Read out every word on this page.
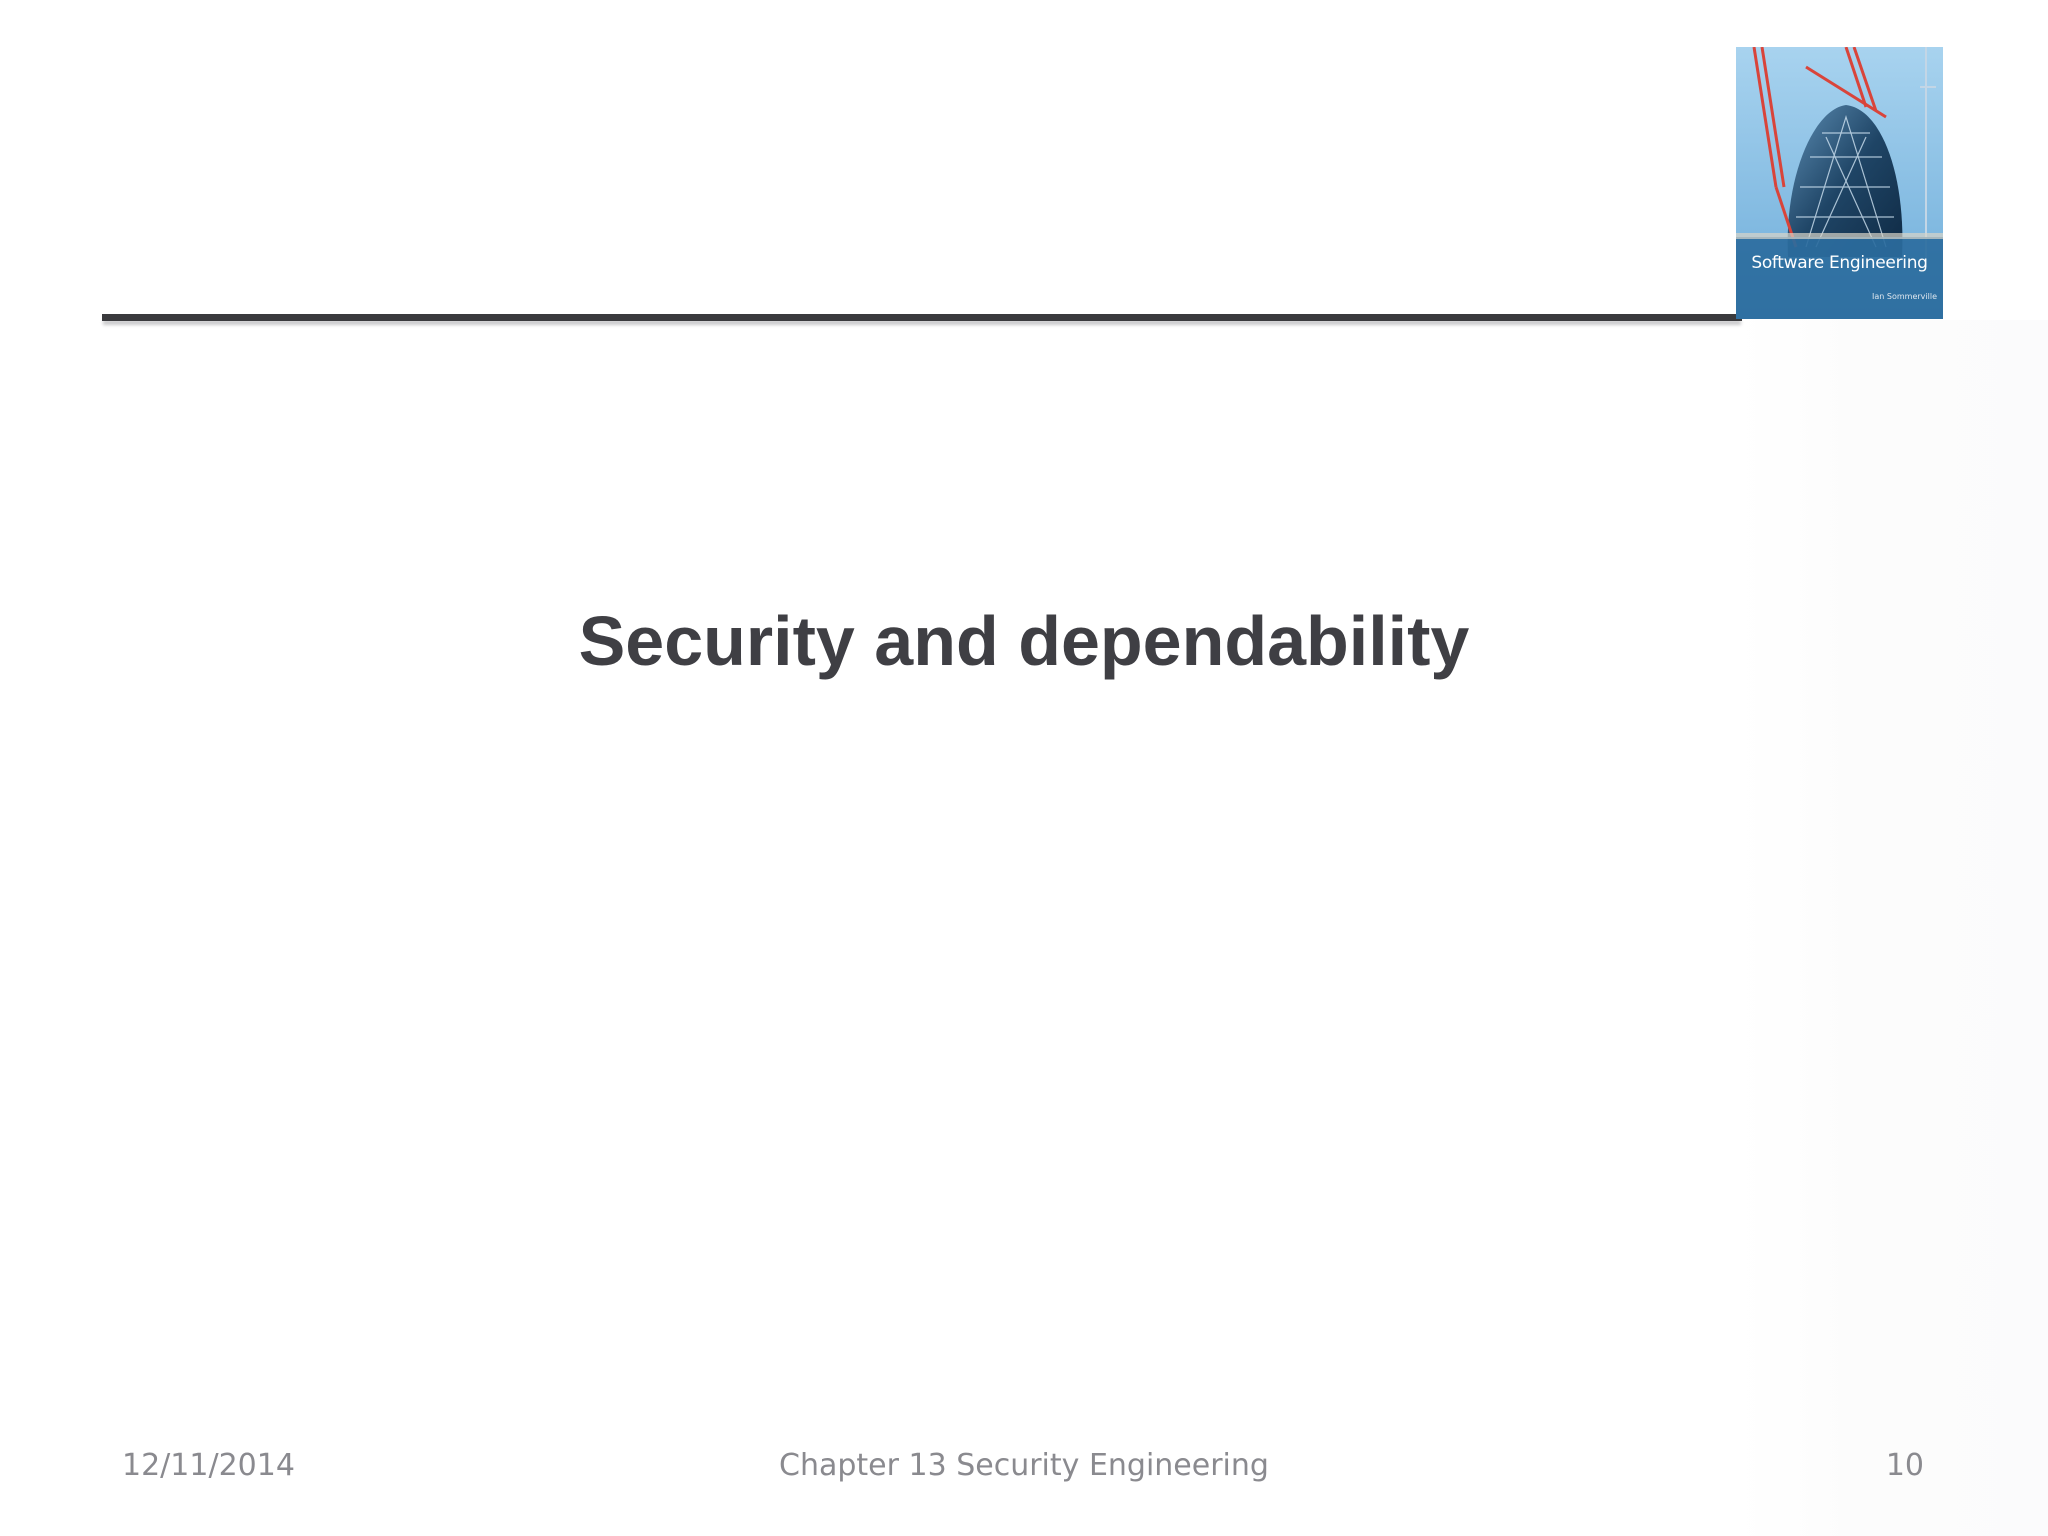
Software Engineering
Ian Sommerville
Security and dependability
12/11/2014	Chapter 13 Security Engineering	10
